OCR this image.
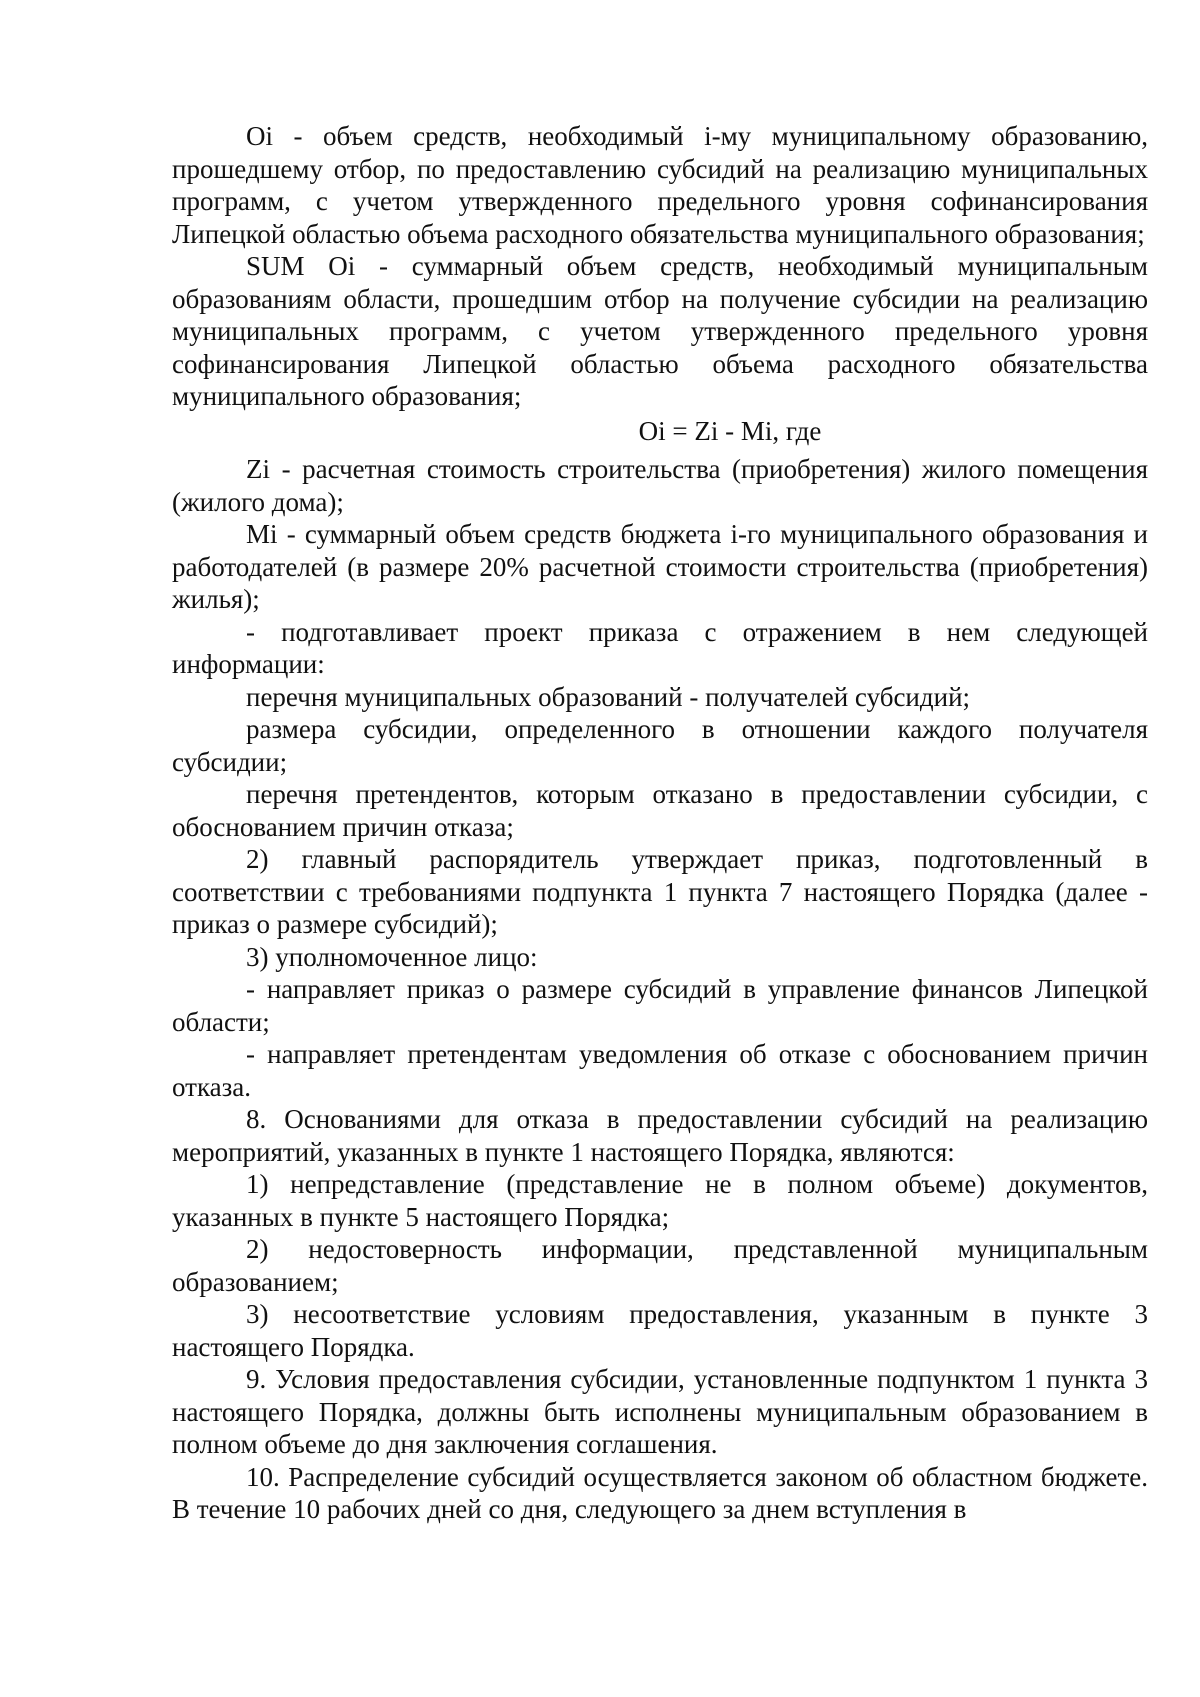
Oi - объем средств, необходимый i-му муниципальному образованию, прошедшему отбор, по предоставлению субсидий на реализацию муниципальных программ, с учетом утвержденного предельного уровня софинансирования Липецкой областью объема расходного обязательства муниципального образования;

SUM Oi - суммарный объем средств, необходимый муниципальным образованиям области, прошедшим отбор на получение субсидии на реализацию муниципальных программ, с учетом утвержденного предельного уровня софинансирования Липецкой областью объема расходного обязательства муниципального образования;

Oi = Zi - Mi, где

Zi - расчетная стоимость строительства (приобретения) жилого помещения (жилого дома);

Mi - суммарный объем средств бюджета i-го муниципального образования и работодателей (в размере 20% расчетной стоимости строительства (приобретения) жилья);

- подготавливает проект приказа с отражением в нем следующей информации:

перечня муниципальных образований - получателей субсидий;

размера субсидии, определенного в отношении каждого получателя субсидии;

перечня претендентов, которым отказано в предоставлении субсидии, с обоснованием причин отказа;

2) главный распорядитель утверждает приказ, подготовленный в соответствии с требованиями подпункта 1 пункта 7 настоящего Порядка (далее - приказ о размере субсидий);

3) уполномоченное лицо:

- направляет приказ о размере субсидий в управление финансов Липецкой области;

- направляет претендентам уведомления об отказе с обоснованием причин отказа.

8. Основаниями для отказа в предоставлении субсидий на реализацию мероприятий, указанных в пункте 1 настоящего Порядка, являются:

1) непредставление (представление не в полном объеме) документов, указанных в пункте 5 настоящего Порядка;

2) недостоверность информации, представленной муниципальным образованием;

3) несоответствие условиям предоставления, указанным в пункте 3 настоящего Порядка.

9. Условия предоставления субсидии, установленные подпунктом 1 пункта 3 настоящего Порядка, должны быть исполнены муниципальным образованием в полном объеме до дня заключения соглашения.

10. Распределение субсидий осуществляется законом об областном бюджете. В течение 10 рабочих дней со дня, следующего за днем вступления в
